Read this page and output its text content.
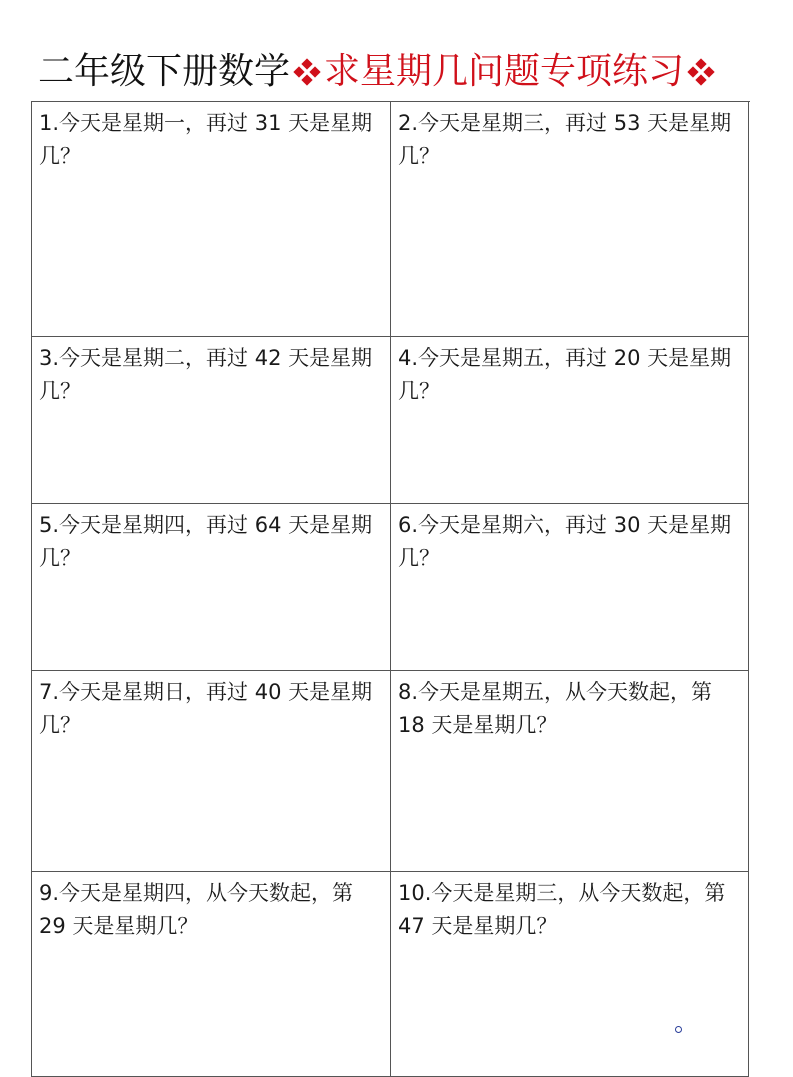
二年级下册数学 求星期几问题专项练习
1.今天是星期一，再过 31 天是星期几？
2.今天是星期三，再过 53 天是星期几？
3.今天是星期二，再过 42 天是星期几？
4.今天是星期五，再过 20 天是星期几？
5.今天是星期四，再过 64 天是星期几？
6.今天是星期六，再过 30 天是星期几？
7.今天是星期日，再过 40 天是星期几？
8.今天是星期五，从今天数起，第 18 天是星期几？
9.今天是星期四，从今天数起，第 29 天是星期几？
10.今天是星期三，从今天数起，第 47 天是星期几？
